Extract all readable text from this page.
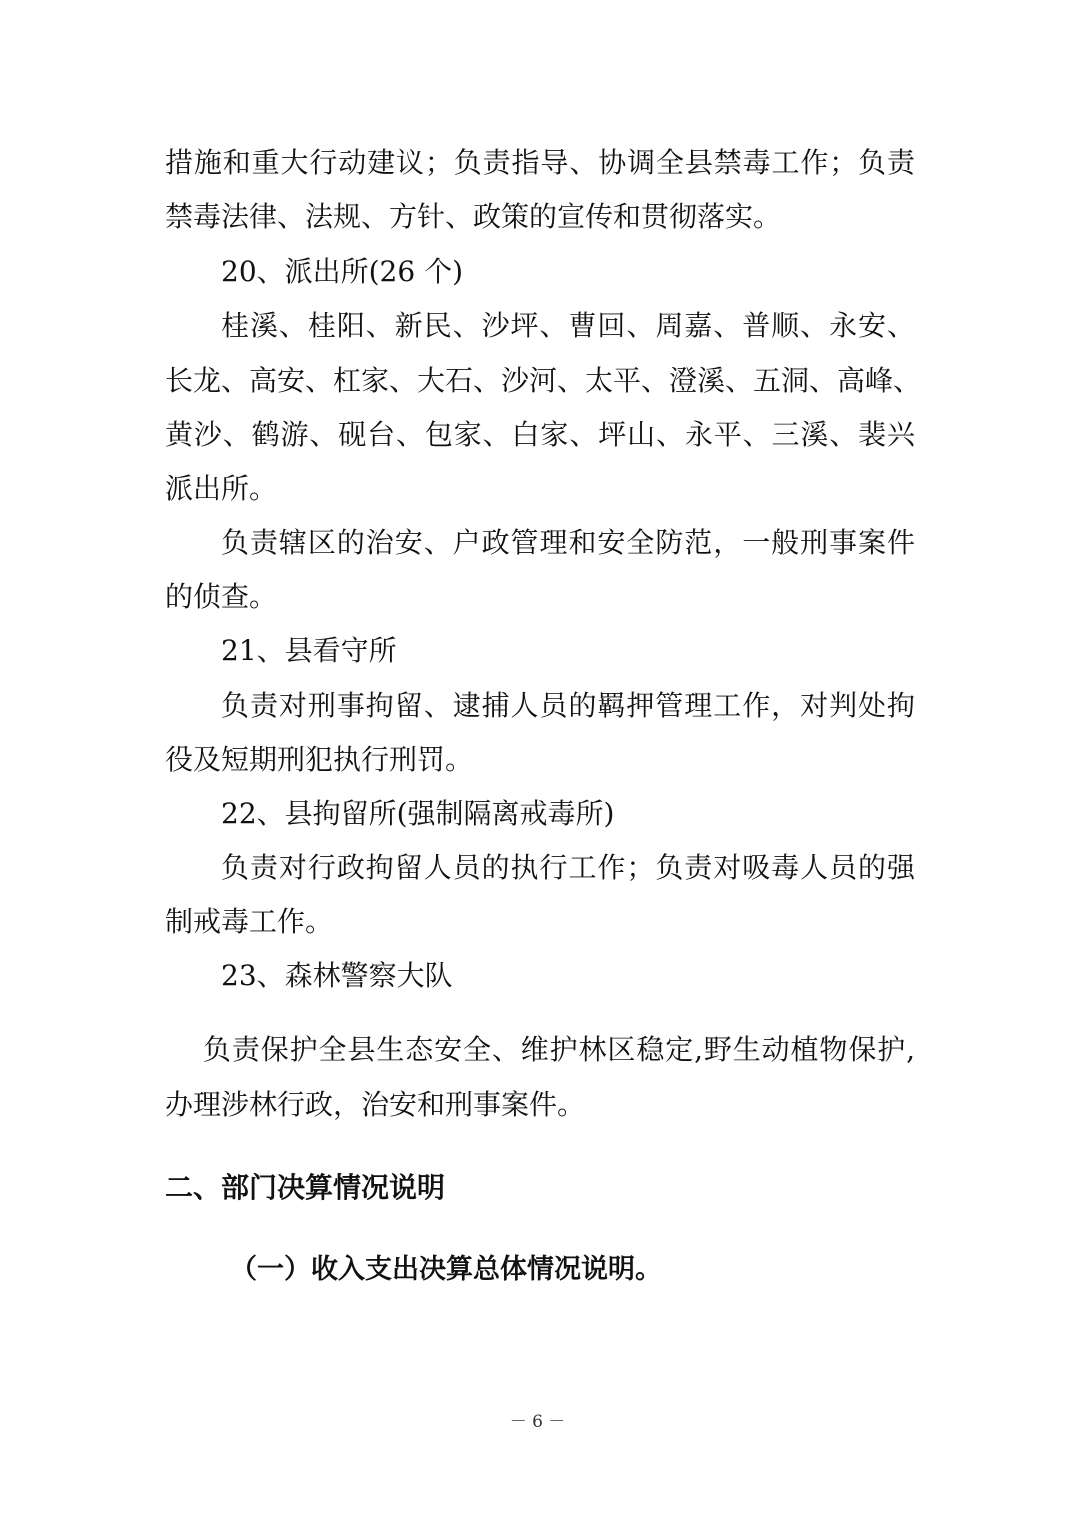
措施和重大行动建议；负责指导、协调全县禁毒工作；负责
禁毒法律、法规、方针、政策的宣传和贯彻落实。
20、派出所(26 个)
桂溪、桂阳、新民、沙坪、曹回、周嘉、普顺、永安、
长龙、高安、杠家、大石、沙河、太平、澄溪、五洞、高峰、
黄沙、鹤游、砚台、包家、白家、坪山、永平、三溪、裴兴
派出所。
负责辖区的治安、户政管理和安全防范，一般刑事案件
的侦查。
21、县看守所
负责对刑事拘留、逮捕人员的羁押管理工作，对判处拘
役及短期刑犯执行刑罚。
22、县拘留所(强制隔离戒毒所)
负责对行政拘留人员的执行工作；负责对吸毒人员的强
制戒毒工作。
23、森林警察大队
负责保护全县生态安全、维护林区稳定,野生动植物保护,
办理涉林行政，治安和刑事案件。
二、部门决算情况说明
（一）收入支出决算总体情况说明。
－ 6 －
